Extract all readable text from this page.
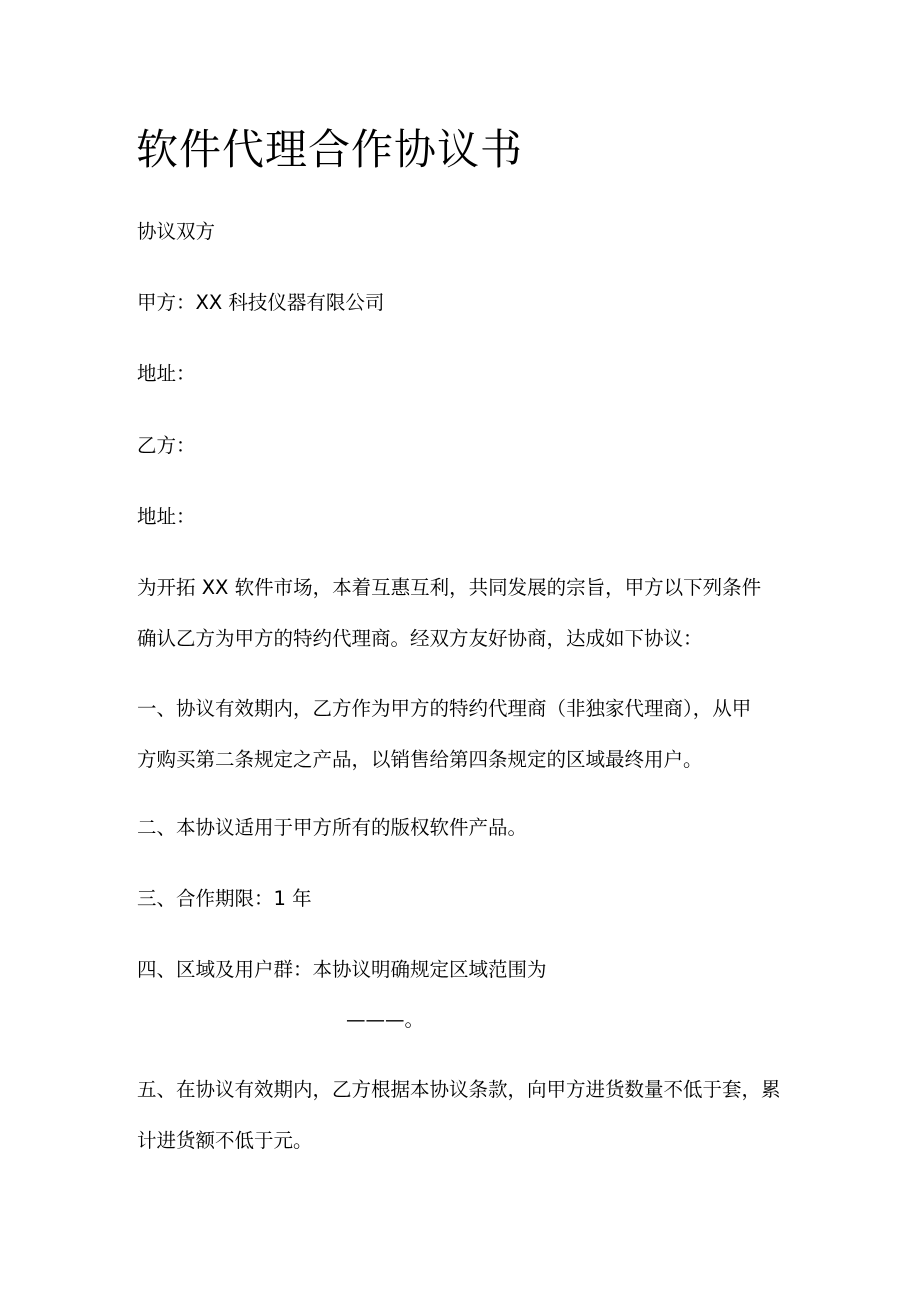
软件代理合作协议书

协议双方

甲方：XX 科技仪器有限公司

地址：

乙方：

地址：

为开拓 XX 软件市场，本着互惠互利，共同发展的宗旨，甲方以下列条件
确认乙方为甲方的特约代理商。经双方友好协商，达成如下协议：
一、协议有效期内，乙方作为甲方的特约代理商（非独家代理商），从甲
方购买第二条规定之产品，以销售给第四条规定的区域最终用户。

二、本协议适用于甲方所有的版权软件产品。

三、合作期限：1 年

四、区域及用户群：本协议明确规定区域范围为

———。
五、在协议有效期内，乙方根据本协议条款，向甲方进货数量不低于套，累
计进货额不低于元。
